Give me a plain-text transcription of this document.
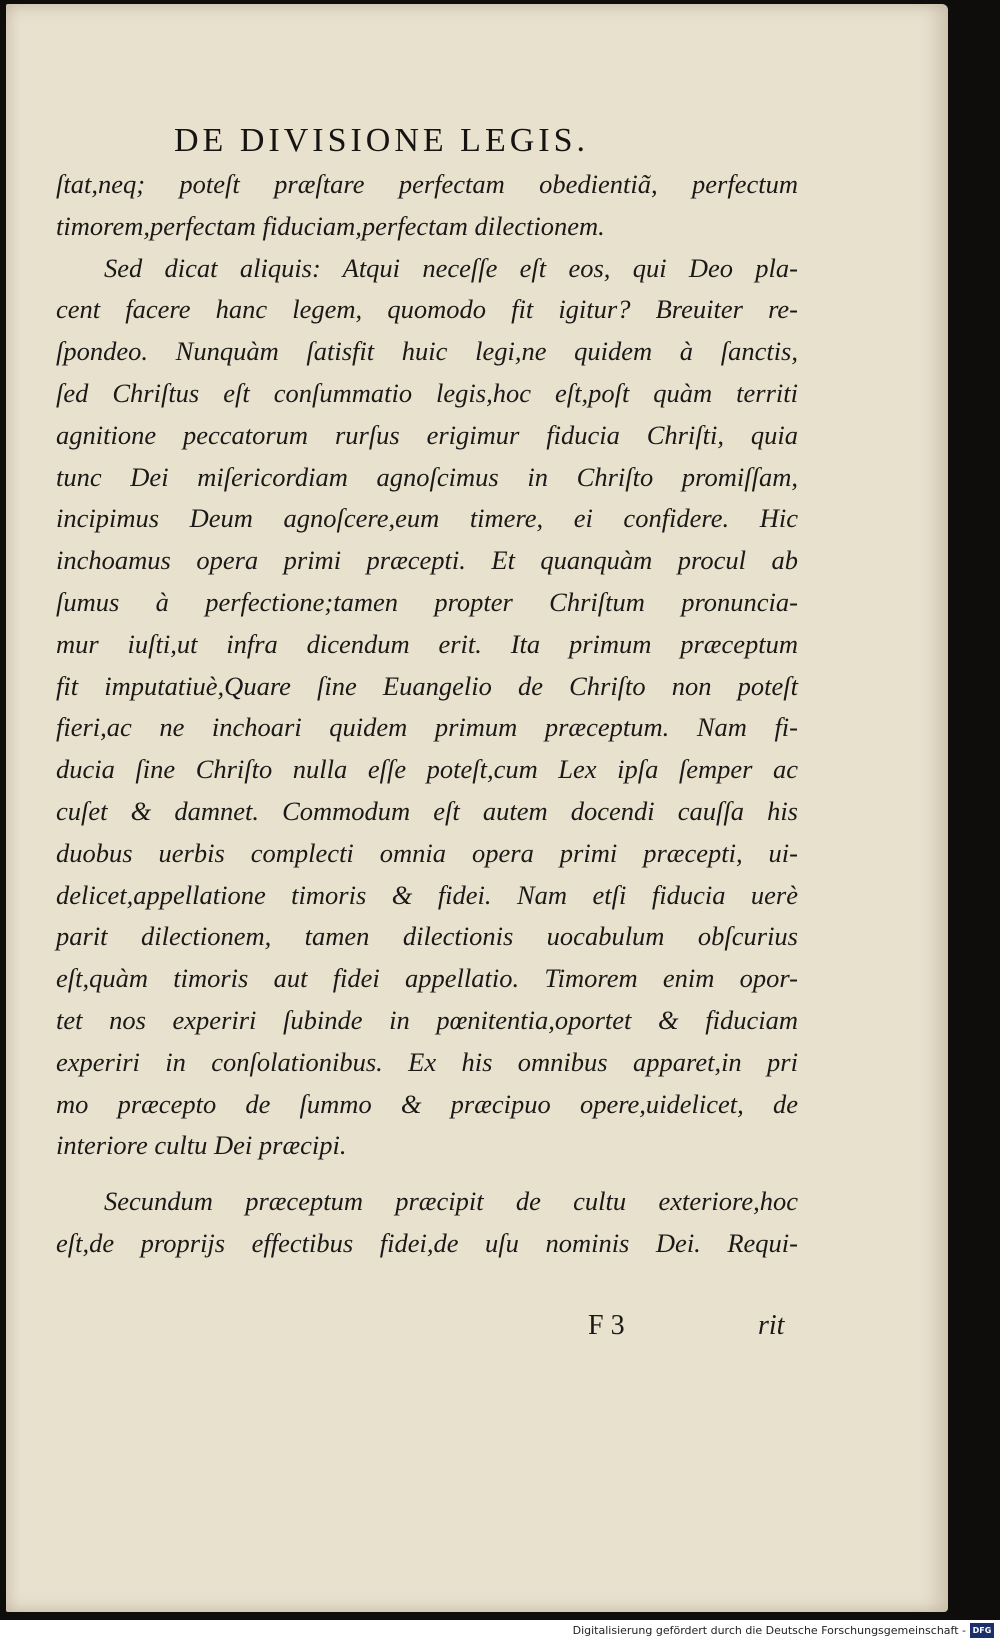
DE DIVISIONE LEGIS.
ſtat,neq; poteſt præſtare perfectam obedientiã, perfectum
timorem,perfectam fiduciam,perfectam dilectionem.
Sed dicat aliquis: Atqui neceſſe eſt eos, qui Deo pla-
cent facere hanc legem, quomodo fit igitur? Breuiter re-
ſpondeo. Nunquàm ſatisfit huic legi,ne quidem à ſanctis,
ſed Chriſtus eſt conſummatio legis,hoc eſt,poſt quàm territi
agnitione peccatorum rurſus erigimur fiducia Chriſti, quia
tunc Dei miſericordiam agnoſcimus in Chriſto promiſſam,
incipimus Deum agnoſcere,eum timere, ei confidere. Hic
inchoamus opera primi præcepti. Et quanquàm procul ab
ſumus à perfectione;tamen propter Chriſtum pronuncia-
mur iuſti,ut infra dicendum erit. Ita primum præceptum
fit imputatiuè,Quare ſine Euangelio de Chriſto non poteſt
fieri,ac ne inchoari quidem primum præceptum. Nam fi-
ducia ſine Chriſto nulla eſſe poteſt,cum Lex ipſa ſemper ac
cuſet & damnet. Commodum eſt autem docendi cauſſa his
duobus uerbis complecti omnia opera primi præcepti, ui-
delicet,appellatione timoris & fidei. Nam etſi fiducia uerè
parit dilectionem, tamen dilectionis uocabulum obſcurius
eſt,quàm timoris aut fidei appellatio. Timorem enim opor-
tet nos experiri ſubinde in pœnitentia,oportet & fiduciam
experiri in conſolationibus. Ex his omnibus apparet,in pri
mo præcepto de ſummo & præcipuo opere,uidelicet, de
interiore cultu Dei præcipi.
Secundum præceptum præcipit de cultu exteriore,hoc
eſt,de proprijs effectibus fidei,de uſu nominis Dei. Requi-
F 3	rit
Digitalisierung gefördert durch die Deutsche Forschungsgemeinschaft - DFG
